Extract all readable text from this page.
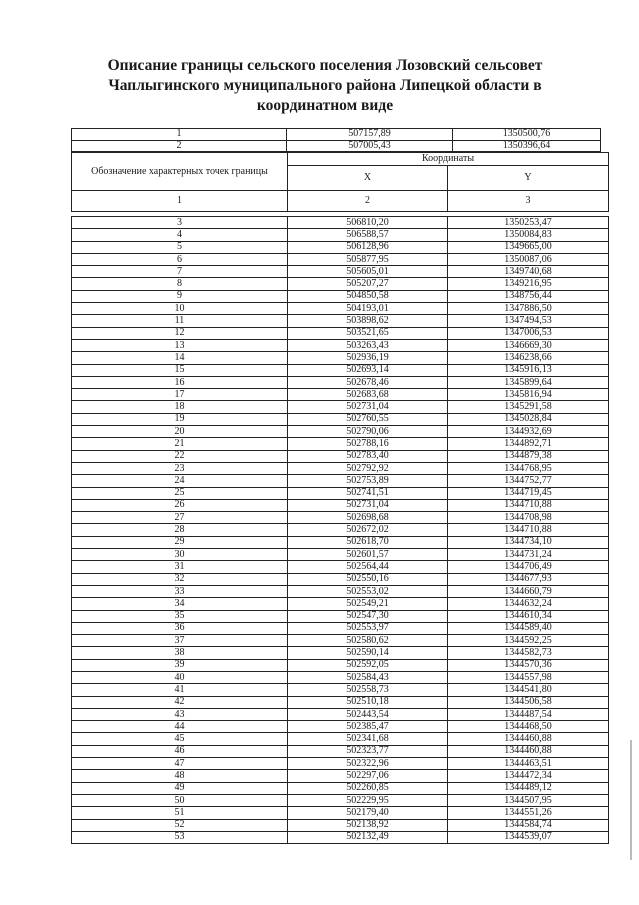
Описание границы сельского поселения Лозовский сельсовет
Чаплыгинского муниципального района Липецкой области в
координатном виде
1	507157,89	1350500,76
2	507005,43	1350396,64
Обозначение характерных точек границы	Координаты	
	X	Y
1	2	3
3	506810,20	1350253,47
4	506588,57	1350084,83
5	506128,96	1349665,00
6	505877,95	1350087,06
7	505605,01	1349740,68
8	505207,27	1349216,95
9	504850,58	1348756,44
10	504193,01	1347886,50
11	503898,62	1347494,53
12	503521,65	1347006,53
13	503263,43	1346669,30
14	502936,19	1346238,66
15	502693,14	1345916,13
16	502678,46	1345899,64
17	502683,68	1345816,94
18	502731,04	1345291,58
19	502760,55	1345028,84
20	502790,06	1344932,69
21	502788,16	1344892,71
22	502783,40	1344879,38
23	502792,92	1344768,95
24	502753,89	1344752,77
25	502741,51	1344719,45
26	502731,04	1344710,88
27	502698,68	1344708,98
28	502672,02	1344710,88
29	502618,70	1344734,10
30	502601,57	1344731,24
31	502564,44	1344706,49
32	502550,16	1344677,93
33	502553,02	1344660,79
34	502549,21	1344632,24
35	502547,30	1344610,34
36	502553,97	1344589,40
37	502580,62	1344592,25
38	502590,14	1344582,73
39	502592,05	1344570,36
40	502584,43	1344557,98
41	502558,73	1344541,80
42	502510,18	1344506,58
43	502443,54	1344487,54
44	502385,47	1344468,50
45	502341,68	1344460,88
46	502323,77	1344460,88
47	502322,96	1344463,51
48	502297,06	1344472,34
49	502260,85	1344489,12
50	502229,95	1344507,95
51	502179,40	1344551,26
52	502138,92	1344584,74
53	502132,49	1344539,07
